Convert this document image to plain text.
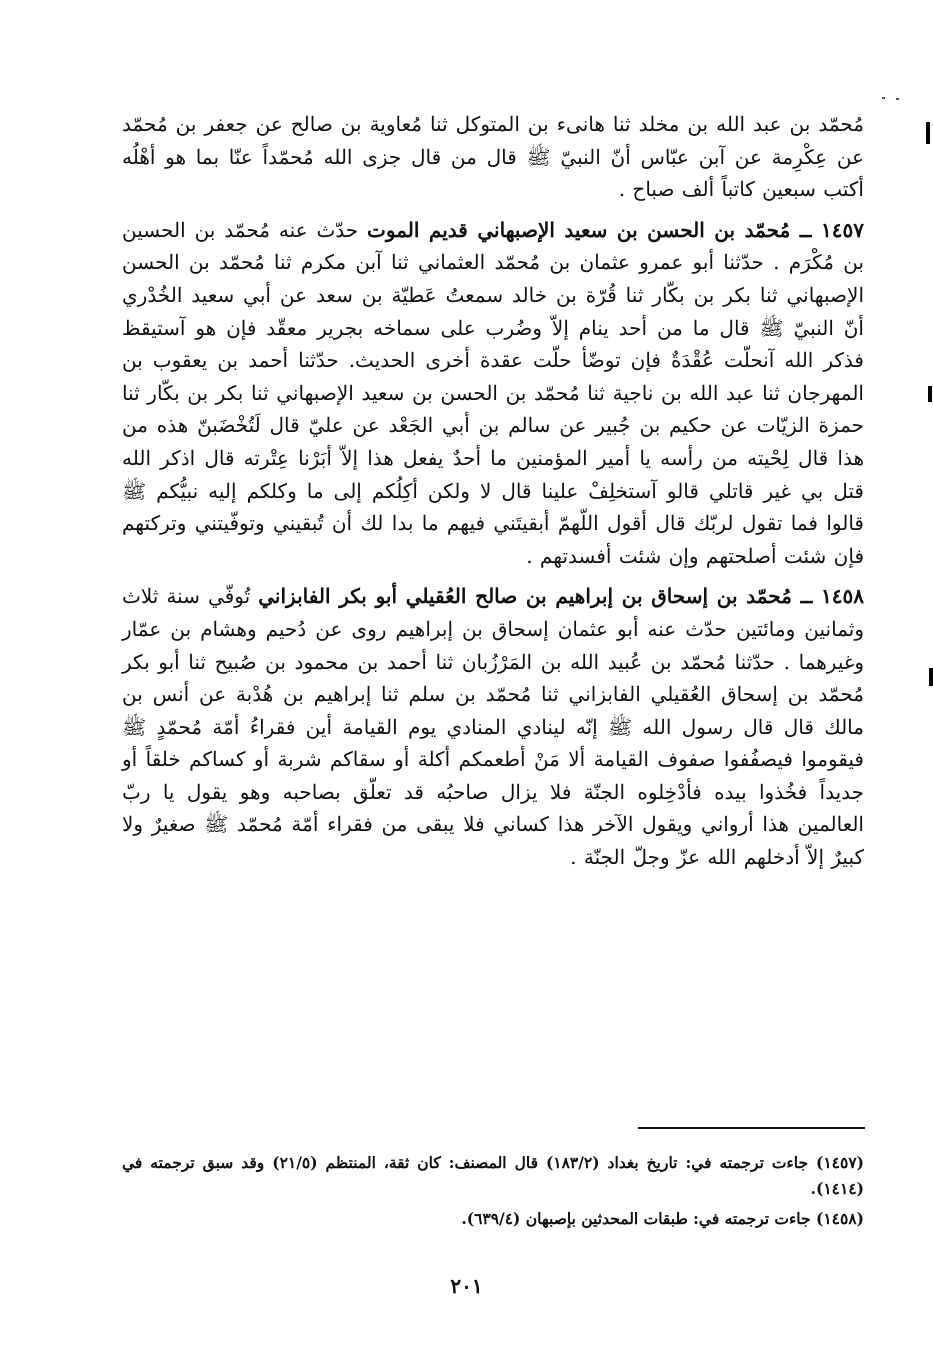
مُحمّد بن عبد الله بن مخلد ثنا هانىء بن المتوكل ثنا مُعاوية بن صالح عن جعفر بن مُحمّد عن عِكْرِمة عن آبن عبّاس أنّ النبيّ ﷺ قال من قال جزى الله مُحمّداً عنّا بما هو أهْلُه أكتب سبعين كاتباً ألف صباح .

١٤٥٧ ــ مُحمّد بن الحسن بن سعيد الإصبهاني قديم الموت حدّث عنه مُحمّد بن الحسين بن مُكْرَم . حدّثنا أبو عمرو عثمان بن مُحمّد العثماني ثنا آبن مكرم ثنا مُحمّد بن الحسن الإصبهاني ثنا بكر بن بكّار ثنا قُرّة بن خالد سمعتُ عَطيّة بن سعد عن أبي سعيد الخُدْري أنّ النبيّ ﷺ قال ما من أحد ينام إلاّ وضُرب على سماخه بجرير معقّد فإن هو آستيقظ فذكر الله آنحلّت عُقْدَةٌ فإن توضّأ حلّت عقدة أخرى الحديث. حدّثنا أحمد بن يعقوب بن المهرجان ثنا عبد الله بن ناجية ثنا مُحمّد بن الحسن بن سعيد الإصبهاني ثنا بكر بن بكّار ثنا حمزة الزيّات عن حكيم بن جُبير عن سالم بن أبي الجَعْد عن عليّ قال لَتُخْضَبنّ هذه من هذا قال لِحْيته من رأسه يا أمير المؤمنين ما أحدٌ يفعل هذا إلاّ أبَرْنا عِتْرته قال اذكر الله قتل بي غير قاتلي قالو آستخلِفْ علينا قال لا ولكن أكِلُكم إلى ما وكلكم إليه نبيُّكم ﷺ قالوا فما تقول لربّك قال أقول اللّهمّ أبقيتَني فيهم ما بدا لك أن تُبقيني وتوفّيتني وتركتهم فإن شئت أصلحتهم وإن شئت أفسدتهم .

١٤٥٨ ــ مُحمّد بن إسحاق بن إبراهيم بن صالح العُقيلي أبو بكر الفابزاني تُوفّي سنة ثلاث وثمانين ومائتين حدّث عنه أبو عثمان إسحاق بن إبراهيم روى عن دُحيم وهشام بن عمّار وغيرهما . حدّثنا مُحمّد بن عُبيد الله بن المَرْزُبان ثنا أحمد بن محمود بن صُبيح ثنا أبو بكر مُحمّد بن إسحاق العُقيلي الفابزاني ثنا مُحمّد بن سلم ثنا إبراهيم بن هُدْبة عن أنس بن مالك قال قال رسول الله ﷺ إنّه لينادي المنادي يوم القيامة أين فقراءُ أمّة مُحمّدٍ ﷺ فيقوموا فيصفُفوا صفوف القيامة ألا مَنْ أطعمكم أكلة أو سقاكم شربة أو كساكم خلقاً أو جديداً فخُذوا بيده فأدْخِلوه الجنّة فلا يزال صاحبُه قد تعلّق بصاحبه وهو يقول يا ربّ العالمين هذا أرواني ويقول الآخر هذا كساني فلا يبقى من فقراء أمّة مُحمّد ﷺ صغيرٌ ولا كبيرٌ إلاّ أدخلهم الله عزّ وجلّ الجنّة .

(١٤٥٧) جاءت ترجمته في: تاريخ بغداد (١٨٣/٢) قال المصنف: كان ثقة، المنتظم (٢١/٥) وقد سبق ترجمته في (١٤١٤).

(١٤٥٨) جاءت ترجمته في: طبقات المحدثين بإصبهان (٦٣٩/٤).

٢٠١
